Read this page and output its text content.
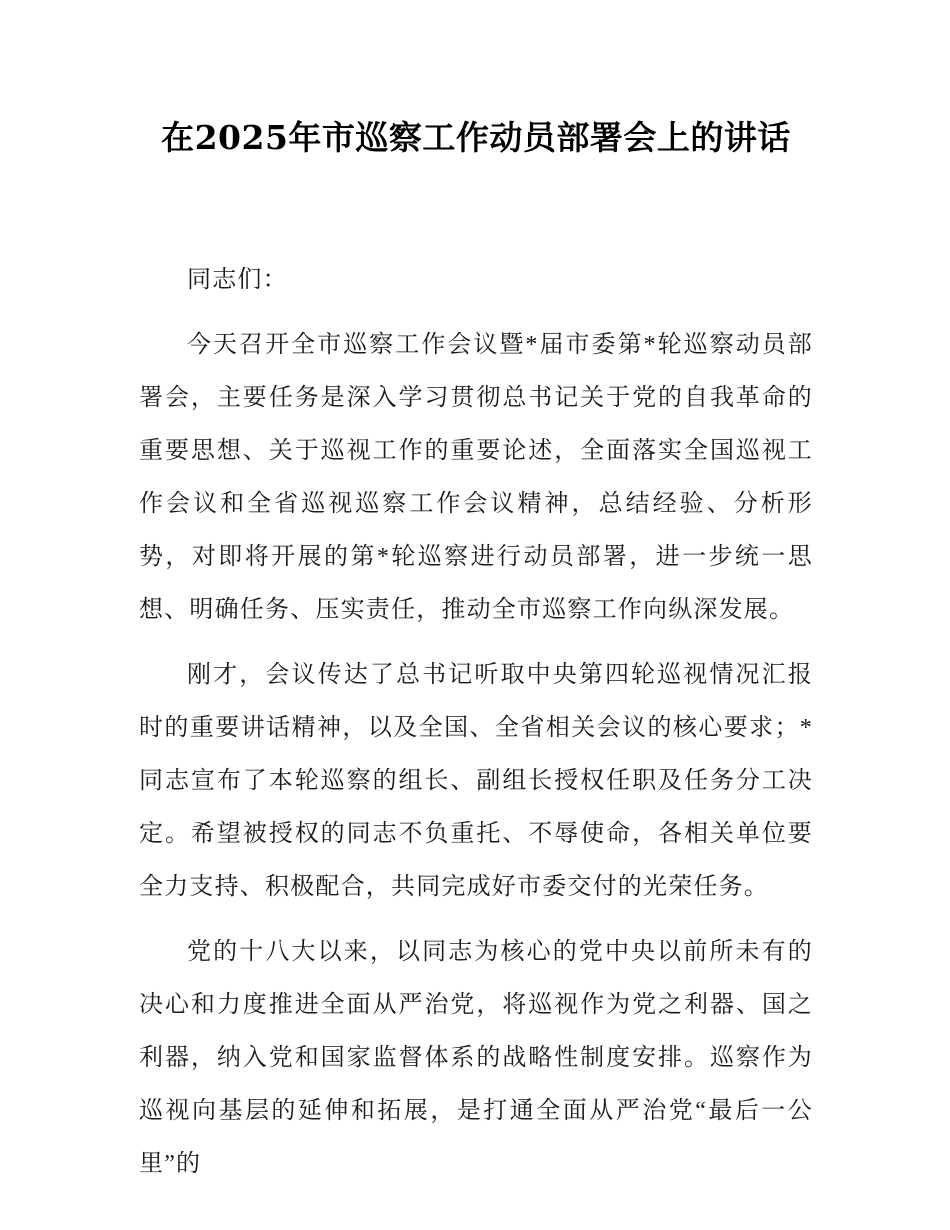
在2025年市巡察工作动员部署会上的讲话

同志们：

今天召开全市巡察工作会议暨*届市委第*轮巡察动员部署会，主要任务是深入学习贯彻总书记关于党的自我革命的重要思想、关于巡视工作的重要论述，全面落实全国巡视工作会议和全省巡视巡察工作会议精神，总结经验、分析形势，对即将开展的第*轮巡察进行动员部署，进一步统一思想、明确任务、压实责任，推动全市巡察工作向纵深发展。

刚才，会议传达了总书记听取中央第四轮巡视情况汇报时的重要讲话精神，以及全国、全省相关会议的核心要求；*同志宣布了本轮巡察的组长、副组长授权任职及任务分工决定。希望被授权的同志不负重托、不辱使命，各相关单位要全力支持、积极配合，共同完成好市委交付的光荣任务。

党的十八大以来，以同志为核心的党中央以前所未有的决心和力度推进全面从严治党，将巡视作为党之利器、国之利器，纳入党和国家监督体系的战略性制度安排。巡察作为巡视向基层的延伸和拓展，是打通全面从严治党“最后一公里”的
